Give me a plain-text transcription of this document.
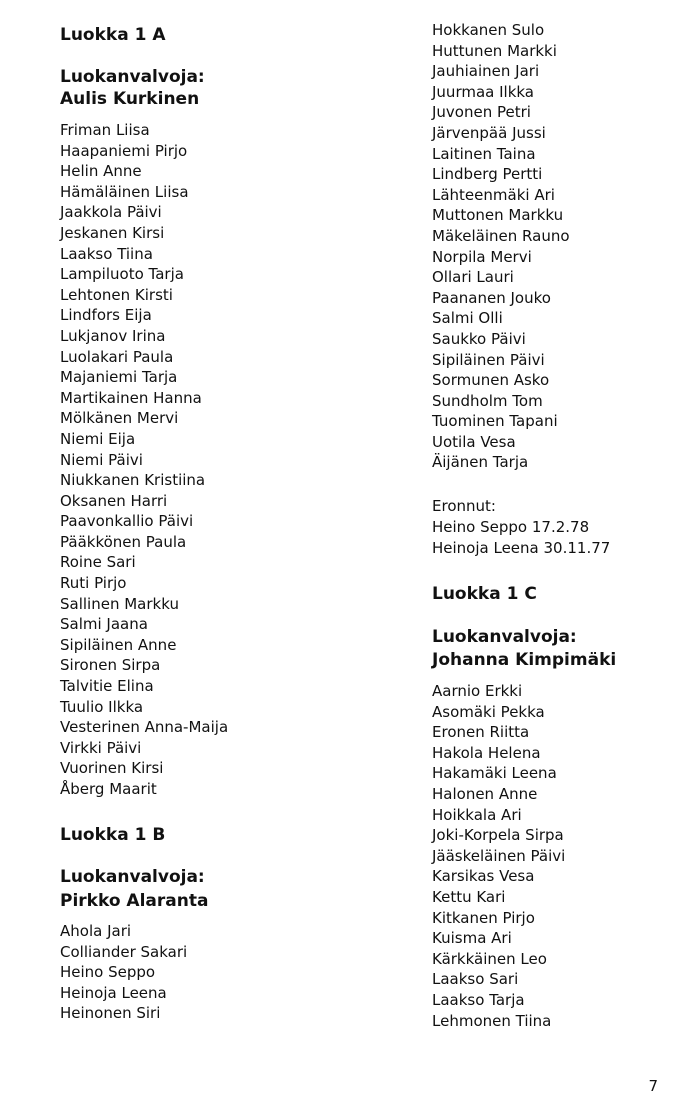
Luokka 1 A
Luokanvalvoja:
Aulis Kurkinen
Friman Liisa
Haapaniemi Pirjo
Helin Anne
Hämäläinen Liisa
Jaakkola Päivi
Jeskanen Kirsi
Laakso Tiina
Lampiluoto Tarja
Lehtonen Kirsti
Lindfors Eija
Lukjanov Irina
Luolakari Paula
Majaniemi Tarja
Martikainen Hanna
Mölkänen Mervi
Niemi Eija
Niemi Päivi
Niukkanen Kristiina
Oksanen Harri
Paavonkallio Päivi
Pääkkönen Paula
Roine Sari
Ruti Pirjo
Sallinen Markku
Salmi Jaana
Sipiläinen Anne
Sironen Sirpa
Talvitie Elina
Tuulio Ilkka
Vesterinen Anna-Maija
Virkki Päivi
Vuorinen Kirsi
Åberg Maarit
Luokka 1 B
Luokanvalvoja:
Pirkko Alaranta
Ahola Jari
Colliander Sakari
Heino Seppo
Heinoja Leena
Heinonen Siri
Hokkanen Sulo
Huttunen Markki
Jauhiainen Jari
Juurmaa Ilkka
Juvonen Petri
Järvenpää Jussi
Laitinen Taina
Lindberg Pertti
Lähteenmäki Ari
Muttonen Markku
Mäkeläinen Rauno
Norpila Mervi
Ollari Lauri
Paananen Jouko
Salmi Olli
Saukko Päivi
Sipiläinen Päivi
Sormunen Asko
Sundholm Tom
Tuominen Tapani
Uotila Vesa
Äijänen Tarja
Eronnut:
Heino Seppo 17.2.78
Heinoja Leena 30.11.77
Luokka 1 C
Luokanvalvoja:
Johanna Kimpimäki
Aarnio Erkki
Asomäki Pekka
Eronen Riitta
Hakola Helena
Hakamäki Leena
Halonen Anne
Hoikkala Ari
Joki-Korpela Sirpa
Jääskeläinen Päivi
Karsikas Vesa
Kettu Kari
Kitkanen Pirjo
Kuisma Ari
Kärkkäinen Leo
Laakso Sari
Laakso Tarja
Lehmonen Tiina
7
